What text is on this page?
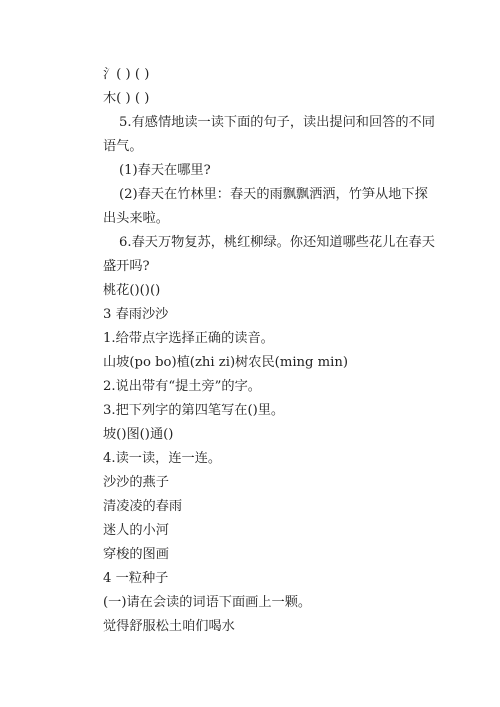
氵( ) ( )
木( ) ( )
5.有感情地读一读下面的句子，读出提问和回答的不同
语气。
(1)春天在哪里?
(2)春天在竹林里：春天的雨飘飘洒洒，竹笋从地下探
出头来啦。
6.春天万物复苏，桃红柳绿。你还知道哪些花儿在春天
盛开吗?
桃花()()()
3 春雨沙沙
1.给带点字选择正确的读音。
山坡(po bo)植(zhi zi)树农民(ming min)
2.说出带有“提土旁”的字。
3.把下列字的第四笔写在()里。
坡()图()通()
4.读一读，连一连。
沙沙的燕子
清凌凌的春雨
迷人的小河
穿梭的图画
4 一粒种子
(一)请在会读的词语下面画上一颗。
觉得舒服松土咱们喝水
